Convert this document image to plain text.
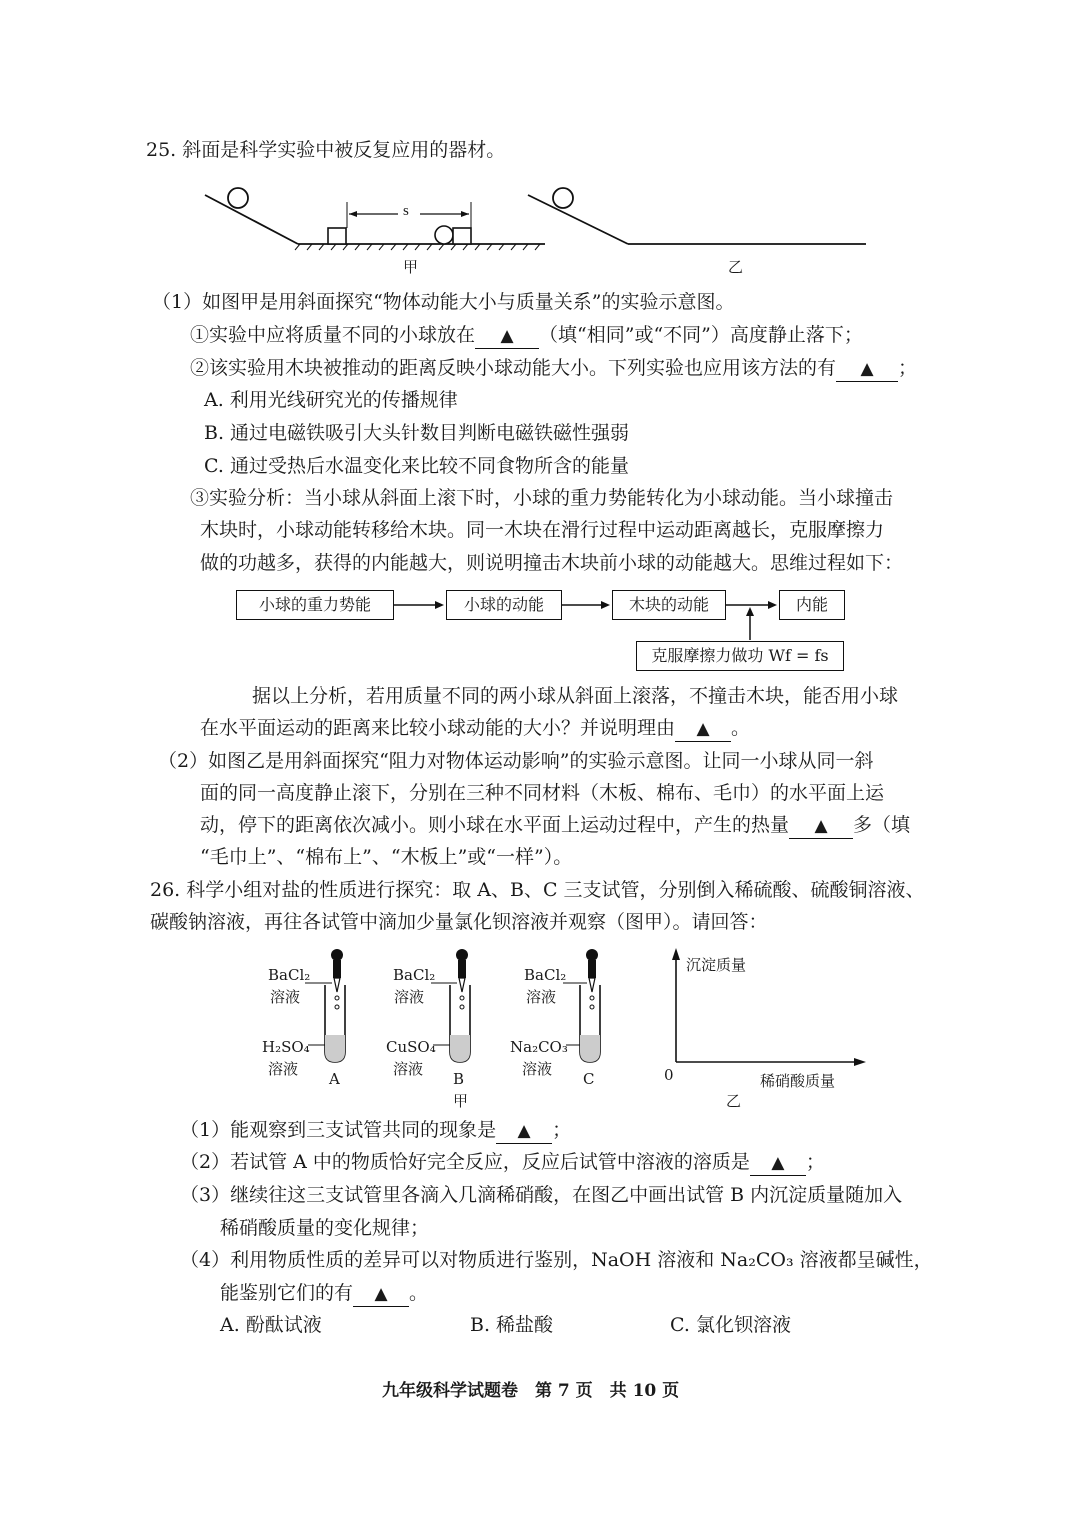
25. 斜面是科学实验中被反复应用的器材。
s
甲	乙
（1）如图甲是用斜面探究“物体动能大小与质量关系”的实验示意图。
①实验中应将质量不同的小球放在 ▲ （填“相同”或“不同”）高度静止落下；
②该实验用木块被推动的距离反映小球动能大小。下列实验也应用该方法的有 ▲ ；
A. 利用光线研究光的传播规律
B. 通过电磁铁吸引大头针数目判断电磁铁磁性强弱
C. 通过受热后水温变化来比较不同食物所含的能量
③实验分析：当小球从斜面上滚下时，小球的重力势能转化为小球动能。当小球撞击
木块时，小球动能转移给木块。同一木块在滑行过程中运动距离越长，克服摩擦力
做的功越多，获得的内能越大，则说明撞击木块前小球的动能越大。思维过程如下：
小球的重力势能	小球的动能	木块的动能	内能
克服摩擦力做功 Wf = fs
据以上分析，若用质量不同的两小球从斜面上滚落，不撞击木块，能否用小球
在水平面运动的距离来比较小球动能的大小？并说明理由 ▲ 。
（2）如图乙是用斜面探究“阻力对物体运动影响”的实验示意图。让同一小球从同一斜
面的同一高度静止滚下，分别在三种不同材料（木板、棉布、毛巾）的水平面上运
动，停下的距离依次减小。则小球在水平面上运动过程中，产生的热量 ▲ 多（填
“毛巾上”、“棉布上”、“木板上”或“一样”）。
26. 科学小组对盐的性质进行探究：取 A、B、C 三支试管，分别倒入稀硫酸、硫酸铜溶液、
碳酸钠溶液，再往各试管中滴加少量氯化钡溶液并观察（图甲）。请回答：
BaCl₂
溶液
H₂SO₄
溶液
A
BaCl₂
溶液
CuSO₄
溶液
B
BaCl₂
溶液
Na₂CO₃
溶液
C
甲
沉淀质量
0	稀硝酸质量
乙
（1）能观察到三支试管共同的现象是 ▲ ；
（2）若试管 A 中的物质恰好完全反应，反应后试管中溶液的溶质是 ▲ ；
（3）继续往这三支试管里各滴入几滴稀硝酸，在图乙中画出试管 B 内沉淀质量随加入
稀硝酸质量的变化规律；
（4）利用物质性质的差异可以对物质进行鉴别，NaOH 溶液和 Na₂CO₃ 溶液都呈碱性，
能鉴别它们的有 ▲ 。
A. 酚酞试液	B. 稀盐酸	C. 氯化钡溶液
九年级科学试题卷　第 7 页　共 10 页
